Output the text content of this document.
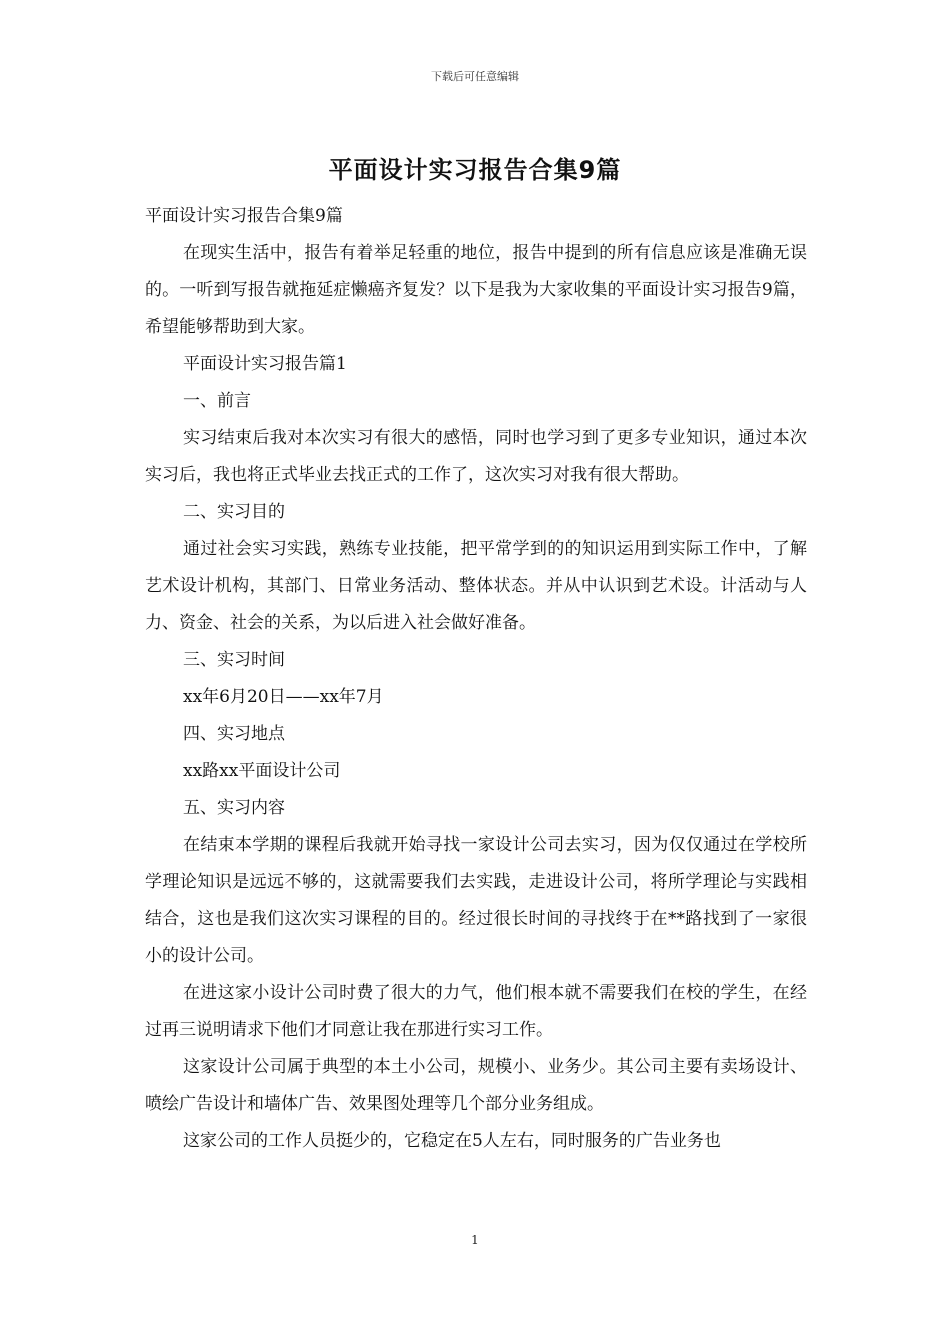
下载后可任意编辑
平面设计实习报告合集9篇

平面设计实习报告合集9篇

在现实生活中，报告有着举足轻重的地位，报告中提到的所有信息应该是准确无误的。一听到写报告就拖延症懒癌齐复发？以下是我为大家收集的平面设计实习报告9篇，希望能够帮助到大家。

平面设计实习报告篇1

一、前言

实习结束后我对本次实习有很大的感悟，同时也学习到了更多专业知识，通过本次实习后，我也将正式毕业去找正式的工作了，这次实习对我有很大帮助。

二、实习目的

通过社会实习实践，熟练专业技能，把平常学到的的知识运用到实际工作中，了解艺术设计机构，其部门、日常业务活动、整体状态。并从中认识到艺术设。计活动与人力、资金、社会的关系，为以后进入社会做好准备。

三、实习时间

xx年6月20日——xx年7月

四、实习地点

xx路xx平面设计公司

五、实习内容

在结束本学期的课程后我就开始寻找一家设计公司去实习，因为仅仅通过在学校所学理论知识是远远不够的，这就需要我们去实践，走进设计公司，将所学理论与实践相结合，这也是我们这次实习课程的目的。经过很长时间的寻找终于在**路找到了一家很小的设计公司。

在进这家小设计公司时费了很大的力气，他们根本就不需要我们在校的学生，在经过再三说明请求下他们才同意让我在那进行实习工作。

这家设计公司属于典型的本土小公司，规模小、业务少。其公司主要有卖场设计、喷绘广告设计和墙体广告、效果图处理等几个部分业务组成。

这家公司的工作人员挺少的，它稳定在5人左右，同时服务的广告业务也

1
